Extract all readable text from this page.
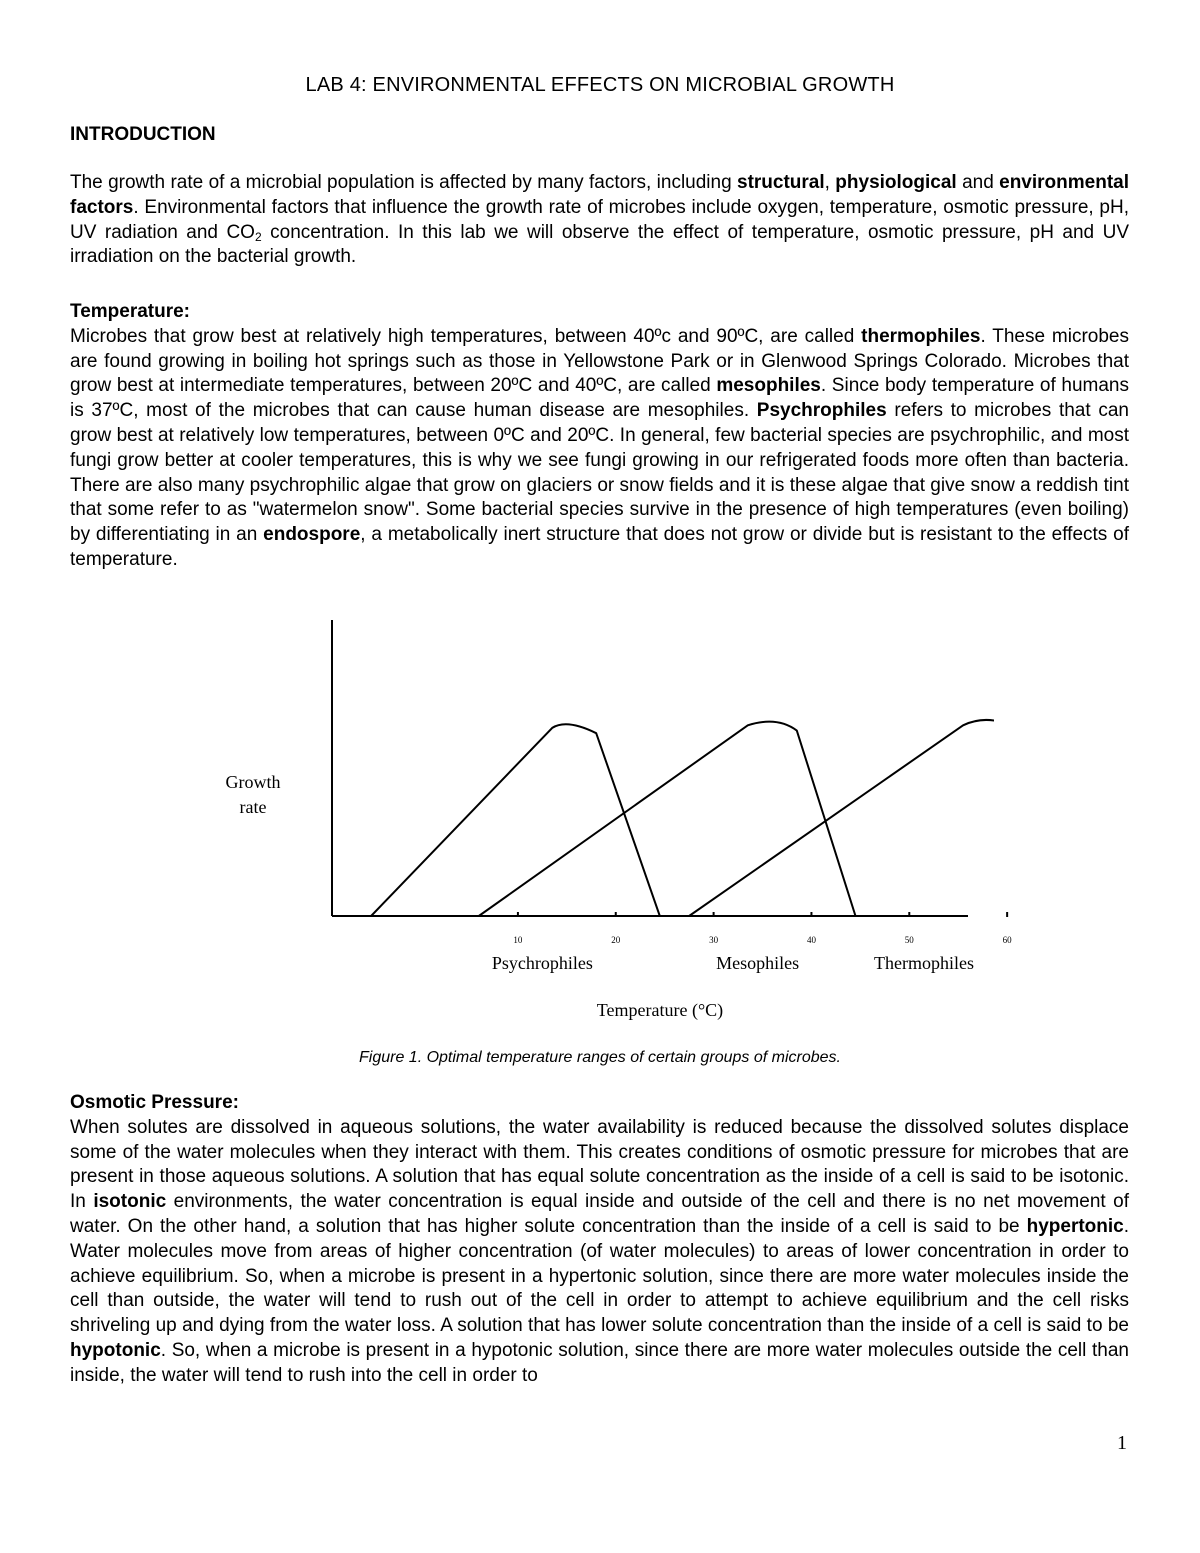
LAB 4: ENVIRONMENTAL EFFECTS ON MICROBIAL GROWTH
INTRODUCTION
The growth rate of a microbial population is affected by many factors, including structural, physiological and environmental factors. Environmental factors that influence the growth rate of microbes include oxygen, temperature, osmotic pressure, pH, UV radiation and $CO_2$ concentration. In this lab we will observe the effect of temperature, osmotic pressure, pH and UV irradiation on the bacterial growth.
Temperature:
Microbes that grow best at relatively high temperatures, between 40ºc and 90ºC, are called thermophiles. These microbes are found growing in boiling hot springs such as those in Yellowstone Park or in Glenwood Springs Colorado. Microbes that grow best at intermediate temperatures, between 20ºC and 40ºC, are called mesophiles. Since body temperature of humans is 37ºC, most of the microbes that can cause human disease are mesophiles. Psychrophiles refers to microbes that can grow best at relatively low temperatures, between 0ºC and 20ºC. In general, few bacterial species are psychrophilic, and most fungi grow better at cooler temperatures, this is why we see fungi growing in our refrigerated foods more often than bacteria. There are also many psychrophilic algae that grow on glaciers or snow fields and it is these algae that give snow a reddish tint that some refer to as "watermelon snow". Some bacterial species survive in the presence of high temperatures (even boiling) by differentiating in an endospore, a metabolically inert structure that does not grow or divide but is resistant to the effects of temperature.
10	20	30	40	50	60
Growth
rate
Psychrophiles	Mesophiles	Thermophiles
Temperature (°C)
Figure 1. Optimal temperature ranges of certain groups of microbes.
Osmotic Pressure:
When solutes are dissolved in aqueous solutions, the water availability is reduced because the dissolved solutes displace some of the water molecules when they interact with them. This creates conditions of osmotic pressure for microbes that are present in those aqueous solutions. A solution that has equal solute concentration as the inside of a cell is said to be isotonic. In isotonic environments, the water concentration is equal inside and outside of the cell and there is no net movement of water. On the other hand, a solution that has higher solute concentration than the inside of a cell is said to be hypertonic. Water molecules move from areas of higher concentration (of water molecules) to areas of lower concentration in order to achieve equilibrium. So, when a microbe is present in a hypertonic solution, since there are more water molecules inside the cell than outside, the water will tend to rush out of the cell in order to attempt to achieve equilibrium and the cell risks shriveling up and dying from the water loss. A solution that has lower solute concentration than the inside of a cell is said to be hypotonic. So, when a microbe is present in a hypotonic solution, since there are more water molecules outside the cell than inside, the water will tend to rush into the cell in order to
1
